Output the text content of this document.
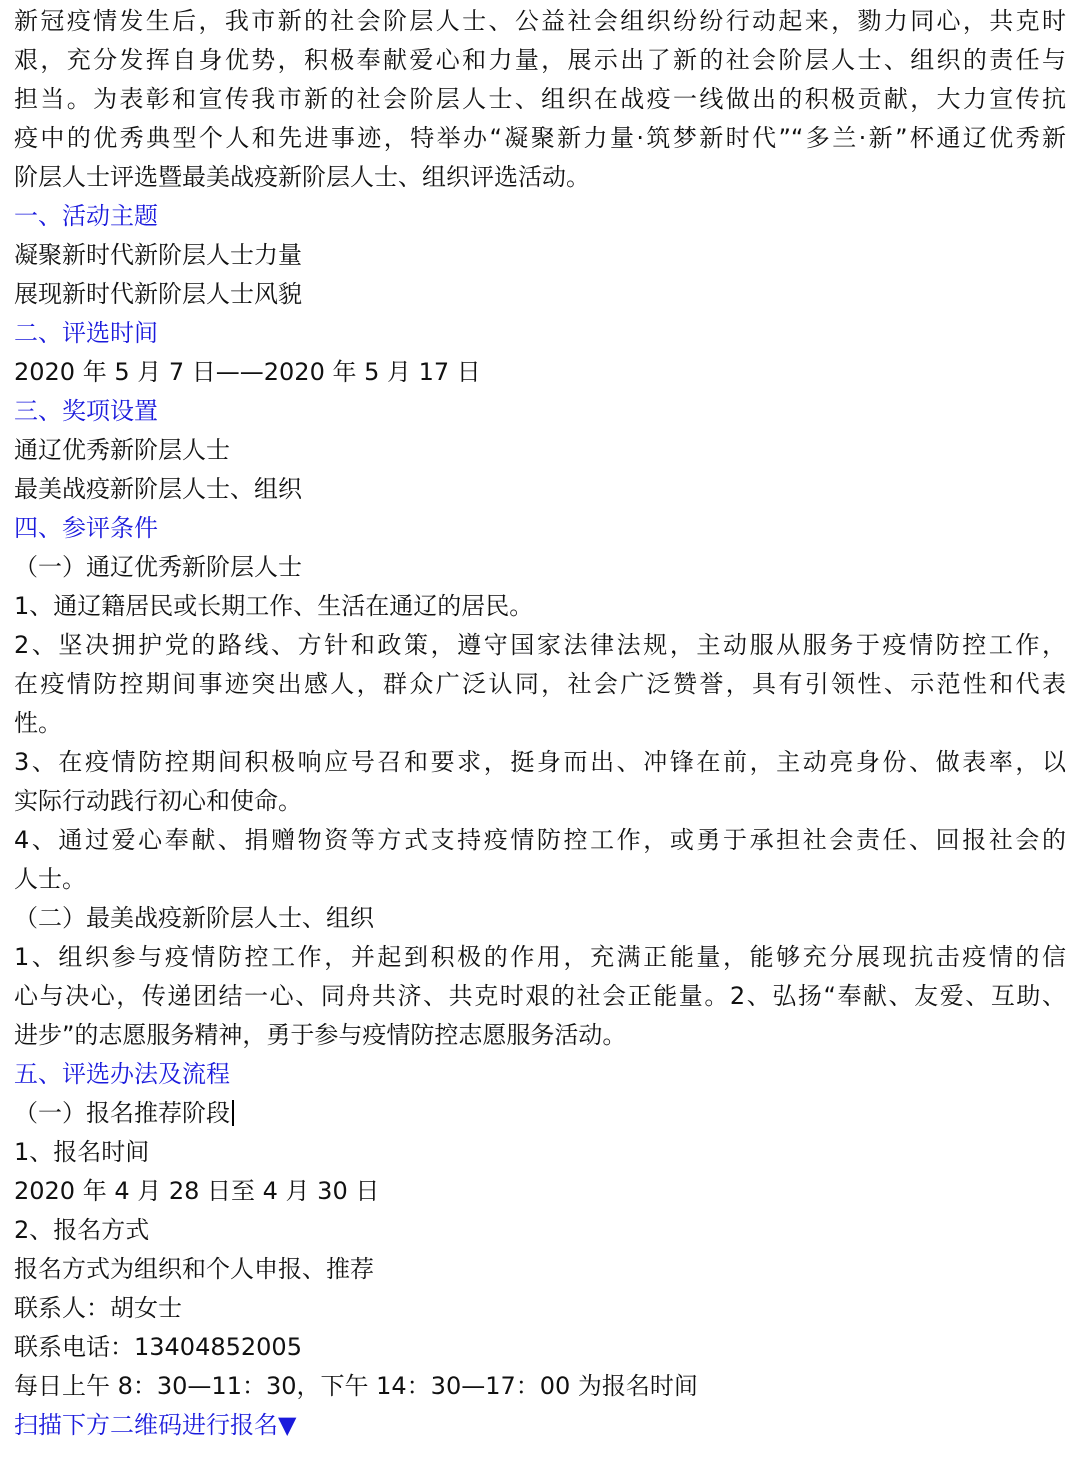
新冠疫情发生后，我市新的社会阶层人士、公益社会组织纷纷行动起来，勠力同心，共克时
艰，充分发挥自身优势，积极奉献爱心和力量，展示出了新的社会阶层人士、组织的责任与
担当。为表彰和宣传我市新的社会阶层人士、组织在战疫一线做出的积极贡献，大力宣传抗
疫中的优秀典型个人和先进事迹，特举办“凝聚新力量·筑梦新时代”“多兰·新”杯通辽优秀新
阶层人士评选暨最美战疫新阶层人士、组织评选活动。
一、活动主题
凝聚新时代新阶层人士力量
展现新时代新阶层人士风貌
二、评选时间
2020 年 5 月 7 日——2020 年 5 月 17 日
三、奖项设置
通辽优秀新阶层人士
最美战疫新阶层人士、组织
四、参评条件
（一）通辽优秀新阶层人士
1、通辽籍居民或长期工作、生活在通辽的居民。
2、坚决拥护党的路线、方针和政策，遵守国家法律法规，主动服从服务于疫情防控工作，
在疫情防控期间事迹突出感人，群众广泛认同，社会广泛赞誉，具有引领性、示范性和代表
性。
3、在疫情防控期间积极响应号召和要求，挺身而出、冲锋在前，主动亮身份、做表率，以
实际行动践行初心和使命。
4、通过爱心奉献、捐赠物资等方式支持疫情防控工作，或勇于承担社会责任、回报社会的
人士。
（二）最美战疫新阶层人士、组织
1、组织参与疫情防控工作，并起到积极的作用，充满正能量，能够充分展现抗击疫情的信
心与决心，传递团结一心、同舟共济、共克时艰的社会正能量。2、弘扬“奉献、友爱、互助、
进步”的志愿服务精神，勇于参与疫情防控志愿服务活动。
五、评选办法及流程
（一）报名推荐阶段
1、报名时间
2020 年 4 月 28 日至 4 月 30 日
2、报名方式
报名方式为组织和个人申报、推荐
联系人：胡女士
联系电话：13404852005
每日上午 8：30—11：30，下午 14：30—17：00 为报名时间
扫描下方二维码进行报名▼
